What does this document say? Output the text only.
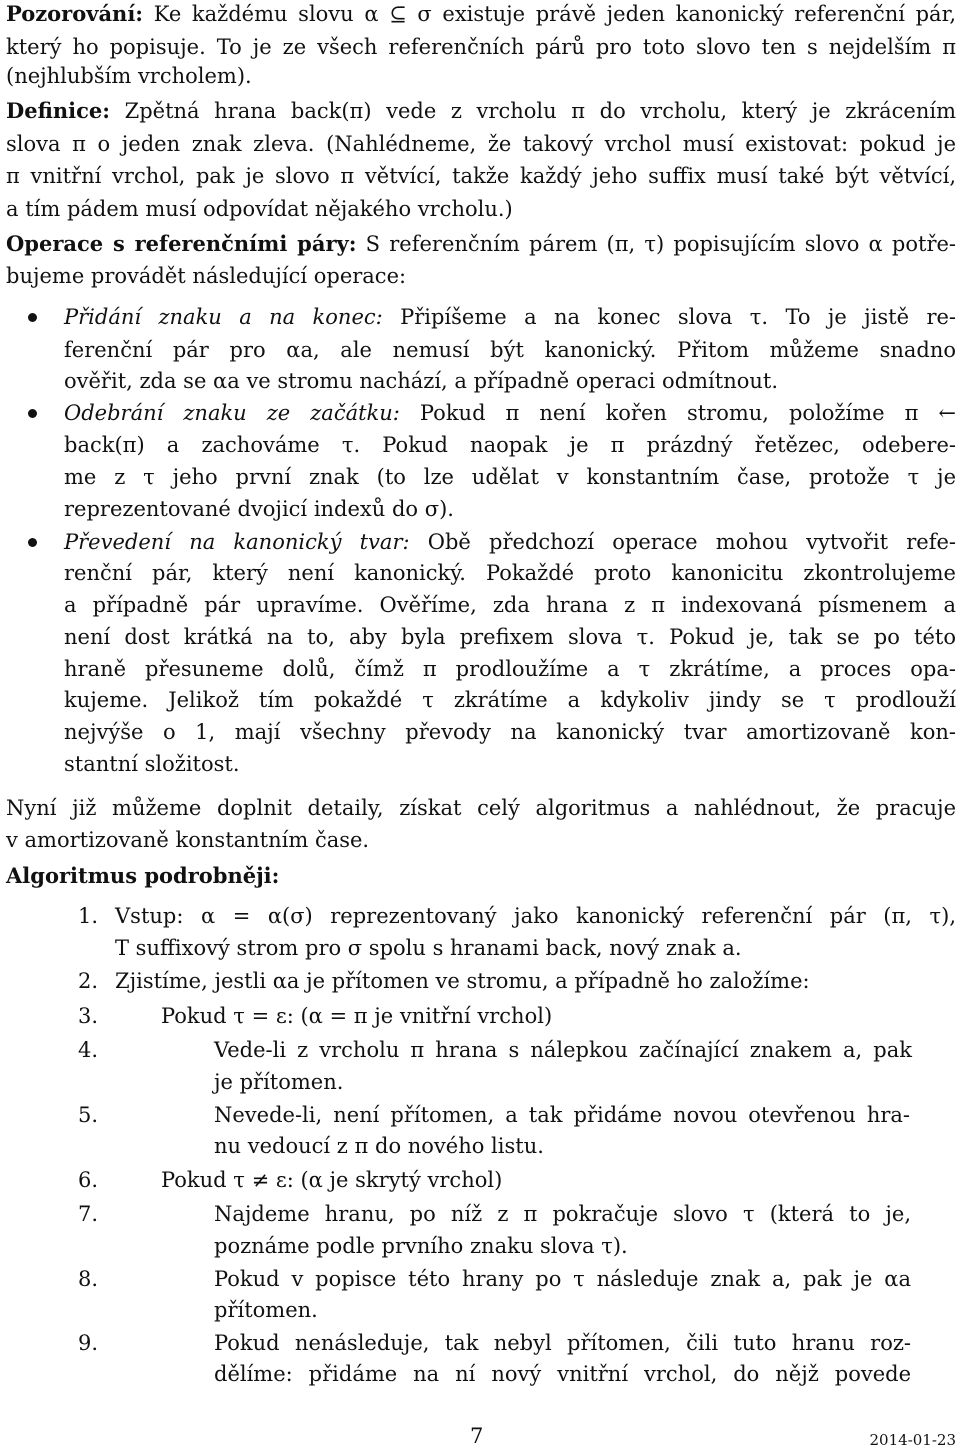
Pozorování: Ke každému slovu α ⊆ σ existuje právě jeden kanonický referenční pár,
který ho popisuje. To je ze všech referenčních párů pro toto slovo ten s nejdelším π
(nejhlubším vrcholem).
Definice: Zpětná hrana back(π) vede z vrcholu π do vrcholu, který je zkrácením
slova π o jeden znak zleva. (Nahlédneme, že takový vrchol musí existovat: pokud je
π vnitřní vrchol, pak je slovo π větvící, takže každý jeho suffix musí také být větvící,
a tím pádem musí odpovídat nějakého vrcholu.)
Operace s referenčními páry: S referenčním párem (π, τ) popisujícím slovo α potře-
bujeme provádět následující operace:
Přidání znaku a na konec: Připíšeme a na konec slova τ. To je jistě re-
ferenční pár pro αa, ale nemusí být kanonický. Přitom můžeme snadno
ověřit, zda se αa ve stromu nachází, a případně operaci odmítnout.
Odebrání znaku ze začátku: Pokud π není kořen stromu, položíme π ←
back(π) a zachováme τ. Pokud naopak je π prázdný řetězec, odebere-
me z τ jeho první znak (to lze udělat v konstantním čase, protože τ je
reprezentované dvojicí indexů do σ).
Převedení na kanonický tvar: Obě předchozí operace mohou vytvořit refe-
renční pár, který není kanonický. Pokaždé proto kanonicitu zkontrolujeme
a případně pár upravíme. Ověříme, zda hrana z π indexovaná písmenem a
není dost krátká na to, aby byla prefixem slova τ. Pokud je, tak se po této
hraně přesuneme dolů, čímž π prodloužíme a τ zkrátíme, a proces opa-
kujeme. Jelikož tím pokaždé τ zkrátíme a kdykoliv jindy se τ prodlouží
nejvýše o 1, mají všechny převody na kanonický tvar amortizovaně kon-
stantní složitost.
Nyní již můžeme doplnit detaily, získat celý algoritmus a nahlédnout, že pracuje
v amortizovaně konstantním čase.
Algoritmus podrobněji:
1. Vstup: α = α(σ) reprezentovaný jako kanonický referenční pár (π, τ),
T suffixový strom pro σ spolu s hranami back, nový znak a.
2. Zjistíme, jestli αa je přítomen ve stromu, a případně ho založíme:
3.	Pokud τ = ε: (α = π je vnitřní vrchol)
4.	Vede-li z vrcholu π hrana s nálepkou začínající znakem a, pak
je přítomen.
5.	Nevede-li, není přítomen, a tak přidáme novou otevřenou hra-
nu vedoucí z π do nového listu.
6.	Pokud τ ≠ ε: (α je skrytý vrchol)
7.	Najdeme hranu, po níž z π pokračuje slovo τ (která to je,
poznáme podle prvního znaku slova τ).
8.	Pokud v popisce této hrany po τ následuje znak a, pak je αa
přítomen.
9.	Pokud nenásleduje, tak nebyl přítomen, čili tuto hranu roz-
dělíme: přidáme na ní nový vnitřní vrchol, do nějž povede
7	2014-01-23
